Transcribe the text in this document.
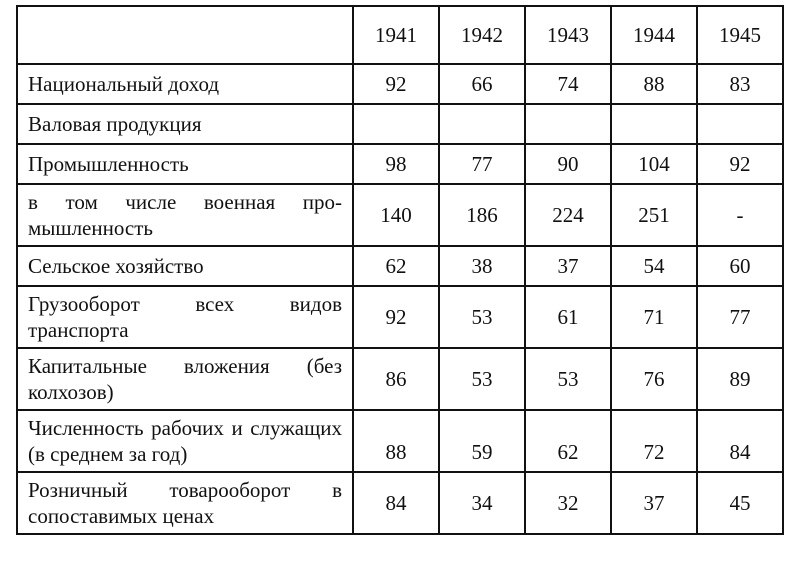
	1941	1942	1943	1944	1945
Национальный доход	92	66	74	88	83
Валовая продукция					
Промышленность	98	77	90	104	92
в том числе военная про-мышленность	140	186	224	251	-
Сельское хозяйство	62	38	37	54	60
Грузооборот всех видов транспорта	92	53	61	71	77
Капитальные вложения (без колхозов)	86	53	53	76	89
Численность рабочих и служащих (в среднем за год)	88	59	62	72	84
Розничный товарооборот в сопоставимых ценах	84	34	32	37	45
